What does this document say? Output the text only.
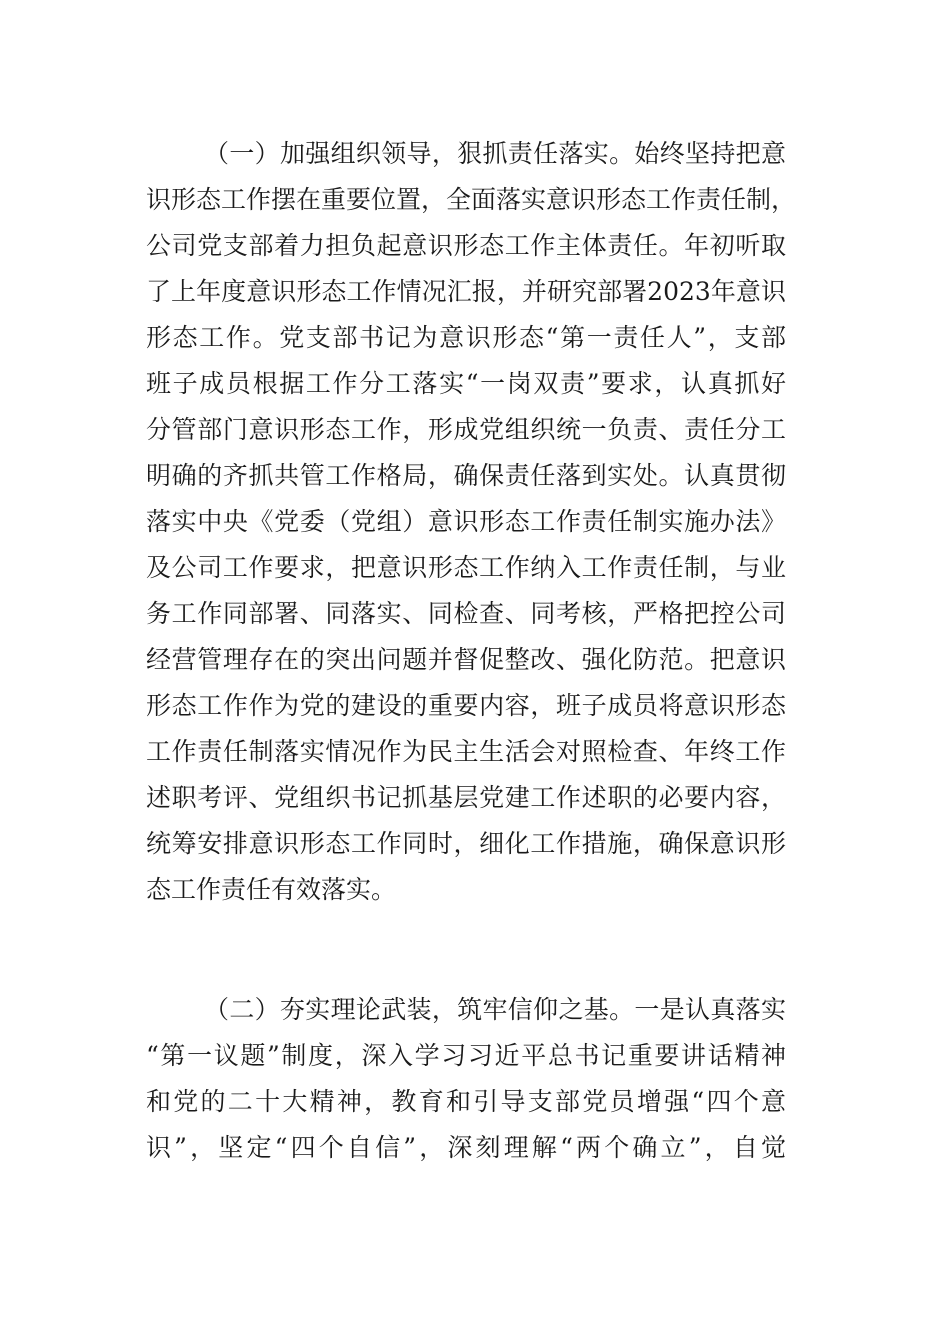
（一）加强组织领导，狠抓责任落实。始终坚持把意
识形态工作摆在重要位置，全面落实意识形态工作责任制，
公司党支部着力担负起意识形态工作主体责任。年初听取
了上年度意识形态工作情况汇报，并研究部署2023年意识
形态工作。党支部书记为意识形态“第一责任人”，支部
班子成员根据工作分工落实“一岗双责”要求，认真抓好
分管部门意识形态工作，形成党组织统一负责、责任分工
明确的齐抓共管工作格局，确保责任落到实处。认真贯彻
落实中央《党委（党组）意识形态工作责任制实施办法》
及公司工作要求，把意识形态工作纳入工作责任制，与业
务工作同部署、同落实、同检查、同考核，严格把控公司
经营管理存在的突出问题并督促整改、强化防范。把意识
形态工作作为党的建设的重要内容，班子成员将意识形态
工作责任制落实情况作为民主生活会对照检查、年终工作
述职考评、党组织书记抓基层党建工作述职的必要内容，
统筹安排意识形态工作同时，细化工作措施，确保意识形
态工作责任有效落实。
（二）夯实理论武装，筑牢信仰之基。一是认真落实
“第一议题”制度，深入学习习近平总书记重要讲话精神
和党的二十大精神，教育和引导支部党员增强“四个意
识”，坚定“四个自信”，深刻理解“两个确立”，自觉
